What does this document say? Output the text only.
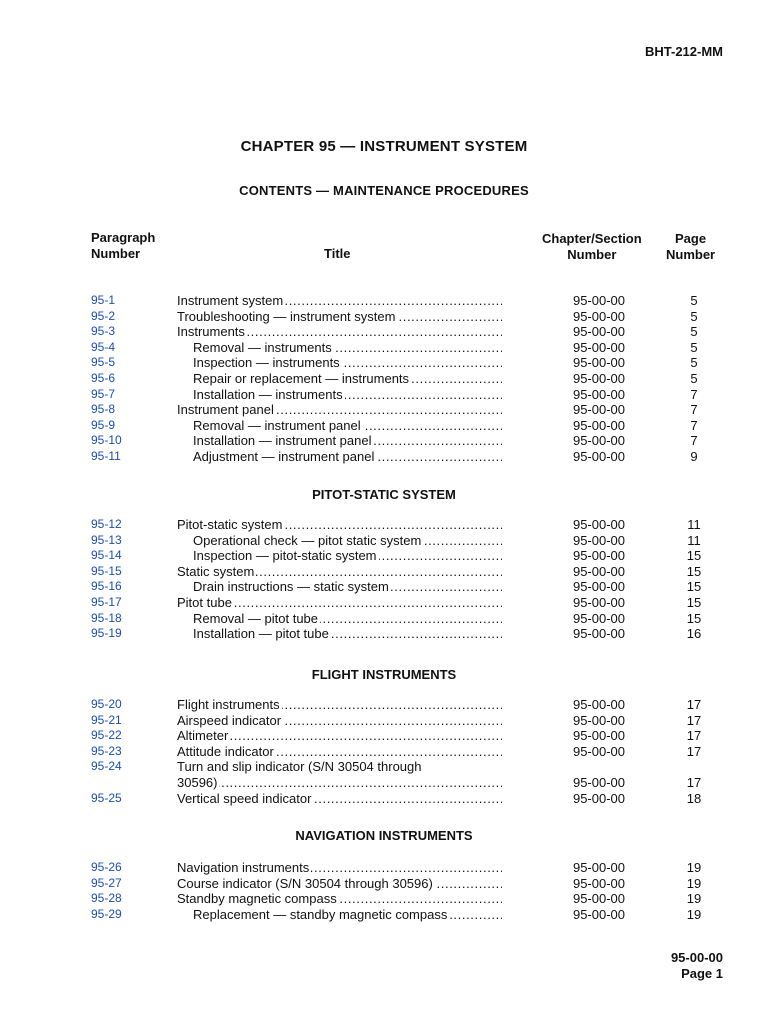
BHT-212-MM
CHAPTER 95 — INSTRUMENT SYSTEM
CONTENTS — MAINTENANCE PROCEDURES
Paragraph
Number	Title
Chapter/Section
Number
Page
Number
95-1	Instrument system . . .	95-00-00	5
95-2	Troubleshooting — instrument system . . .	95-00-00	5
95-3	Instruments . . .	95-00-00	5
95-4	Removal — instruments . . .	95-00-00	5
95-5	Inspection — instruments . . .	95-00-00	5
95-6	Repair or replacement — instruments . . .	95-00-00	5
95-7	Installation — instruments . . .	95-00-00	7
95-8	Instrument panel . . .	95-00-00	7
95-9	Removal — instrument panel . . .	95-00-00	7
95-10	Installation — instrument panel . . .	95-00-00	7
95-11	Adjustment — instrument panel . . .	95-00-00	9
PITOT-STATIC SYSTEM
95-12	Pitot-static system . . .	95-00-00	11
95-13	Operational check — pitot static system . . .	95-00-00	11
95-14	Inspection — pitot-static system . . .	95-00-00	15
95-15	Static system . . .	95-00-00	15
95-16	Drain instructions — static system . . .	95-00-00	15
95-17	Pitot tube . . .	95-00-00	15
95-18	Removal — pitot tube . . .	95-00-00	15
95-19	Installation — pitot tube . . .	95-00-00	16
FLIGHT INSTRUMENTS
95-20	Flight instruments . . .	95-00-00	17
95-21	Airspeed indicator . . .	95-00-00	17
95-22	Altimeter . . .	95-00-00	17
95-23	Attitude indicator . . .	95-00-00	17
95-24	Turn and slip indicator (S/N 30504 through
30596) . . .	95-00-00	17
95-25	Vertical speed indicator . . .	95-00-00	18
NAVIGATION INSTRUMENTS
95-26	Navigation instruments . . .	95-00-00	19
95-27	Course indicator (S/N 30504 through 30596) . . .	95-00-00	19
95-28	Standby magnetic compass . . .	95-00-00	19
95-29	Replacement — standby magnetic compass . . .	95-00-00	19
95-00-00
Page 1
